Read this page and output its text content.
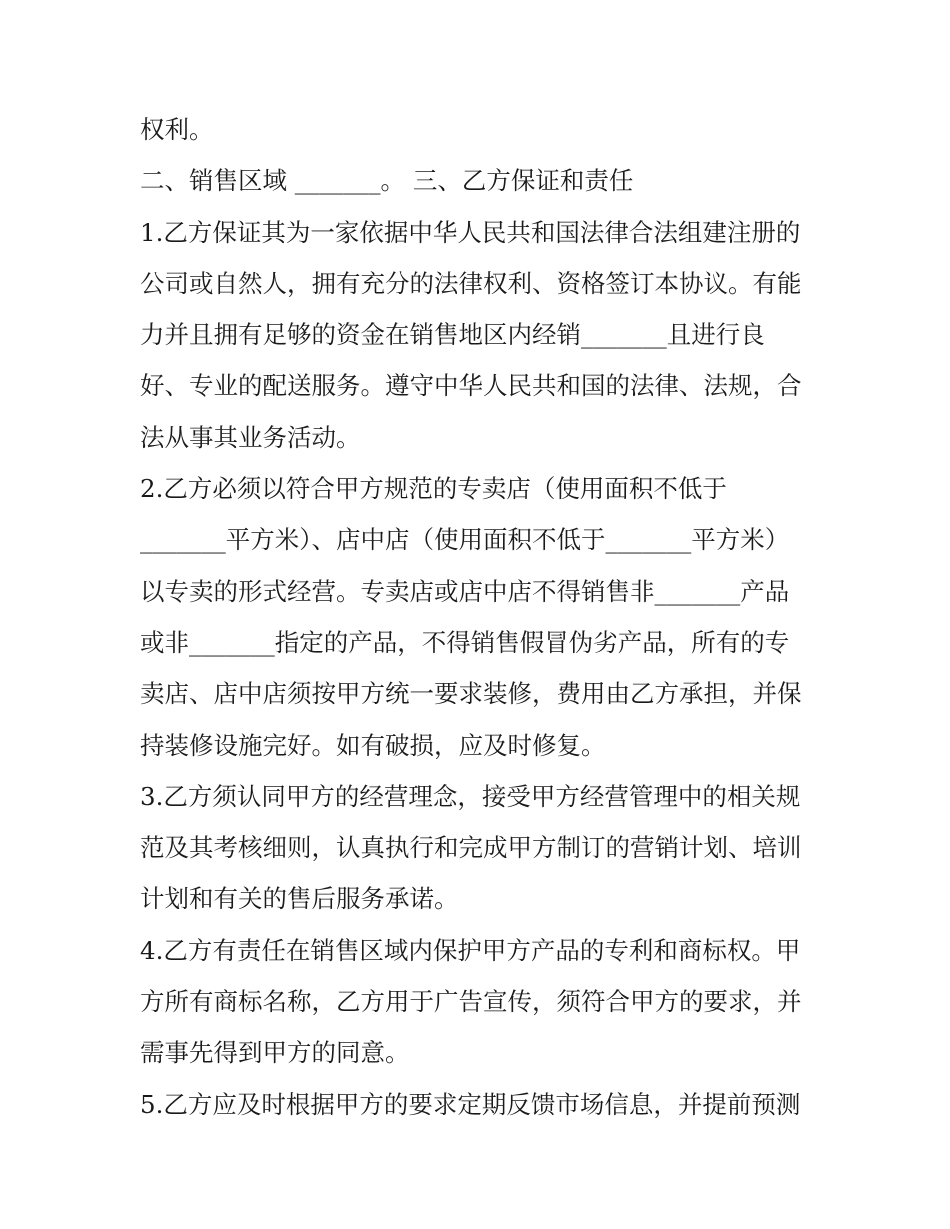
权利。
二、销售区域 _______。 三、乙方保证和责任
1.乙方保证其为一家依据中华人民共和国法律合法组建注册的
公司或自然人，拥有充分的法律权利、资格签订本协议。有能
力并且拥有足够的资金在销售地区内经销_______且进行良
好、专业的配送服务。遵守中华人民共和国的法律、法规，合
法从事其业务活动。
2.乙方必须以符合甲方规范的专卖店（使用面积不低于
_______平方米）、店中店（使用面积不低于_______平方米）
以专卖的形式经营。专卖店或店中店不得销售非_______产品
或非_______指定的产品，不得销售假冒伪劣产品，所有的专
卖店、店中店须按甲方统一要求装修，费用由乙方承担，并保
持装修设施完好。如有破损，应及时修复。
3.乙方须认同甲方的经营理念，接受甲方经营管理中的相关规
范及其考核细则，认真执行和完成甲方制订的营销计划、培训
计划和有关的售后服务承诺。
4.乙方有责任在销售区域内保护甲方产品的专利和商标权。甲
方所有商标名称，乙方用于广告宣传，须符合甲方的要求，并
需事先得到甲方的同意。
5.乙方应及时根据甲方的要求定期反馈市场信息，并提前预测
